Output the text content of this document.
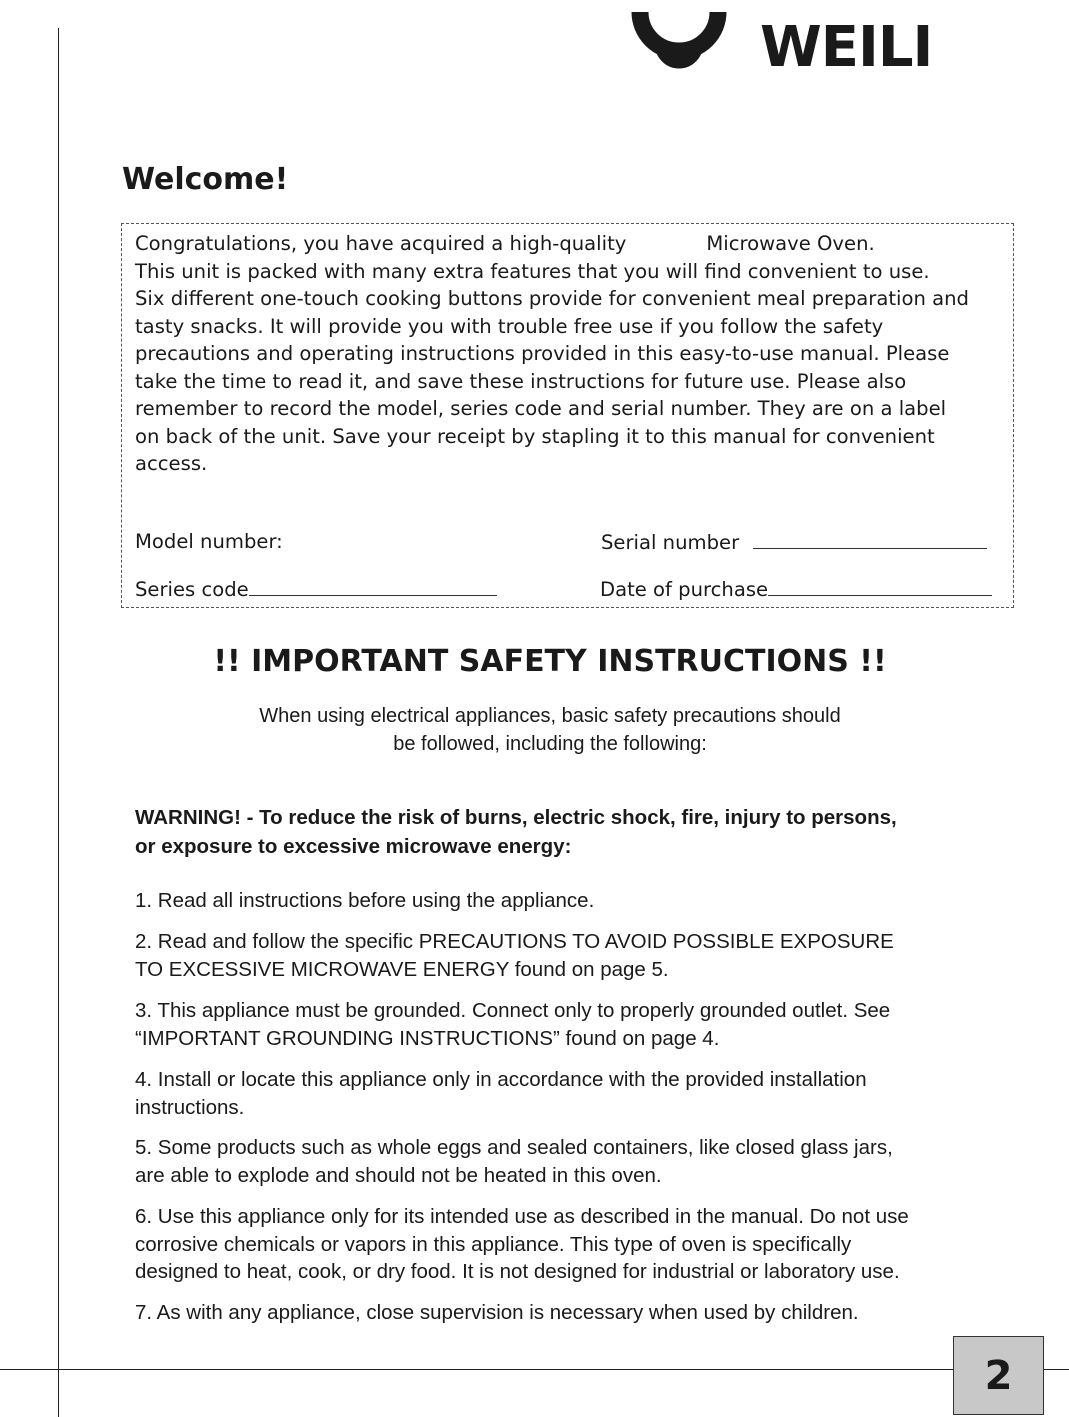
WEILI
Welcome!
Congratulations, you have acquired a high-quality	Microwave Oven.
This unit is packed with many extra features that you will find convenient to use.
Six different one-touch cooking buttons provide for convenient meal preparation and
tasty snacks. It will provide you with trouble free use if you follow the safety
precautions and operating instructions provided in this easy-to-use manual. Please
take the time to read it, and save these instructions for future use. Please also
remember to record the model, series code and serial number. They are on a label
on back of the unit. Save your receipt by stapling it to this manual for convenient
access.
Model number:	Serial number
Series code	Date of purchase
!! IMPORTANT SAFETY INSTRUCTIONS !!
When using electrical appliances, basic safety precautions should
be followed, including the following:
WARNING! - To reduce the risk of burns, electric shock, fire, injury to persons,
or exposure to excessive microwave energy:
1. Read all instructions before using the appliance.
2. Read and follow the specific PRECAUTIONS TO AVOID POSSIBLE EXPOSURE
TO EXCESSIVE MICROWAVE ENERGY found on page 5.
3. This appliance must be grounded. Connect only to properly grounded outlet. See
“IMPORTANT GROUNDING INSTRUCTIONS” found on page 4.
4. Install or locate this appliance only in accordance with the provided installation
instructions.
5. Some products such as whole eggs and sealed containers, like closed glass jars,
are able to explode and should not be heated in this oven.
6. Use this appliance only for its intended use as described in the manual. Do not use
corrosive chemicals or vapors in this appliance. This type of oven is specifically
designed to heat, cook, or dry food. It is not designed for industrial or laboratory use.
7. As with any appliance, close supervision is necessary when used by children.
2
